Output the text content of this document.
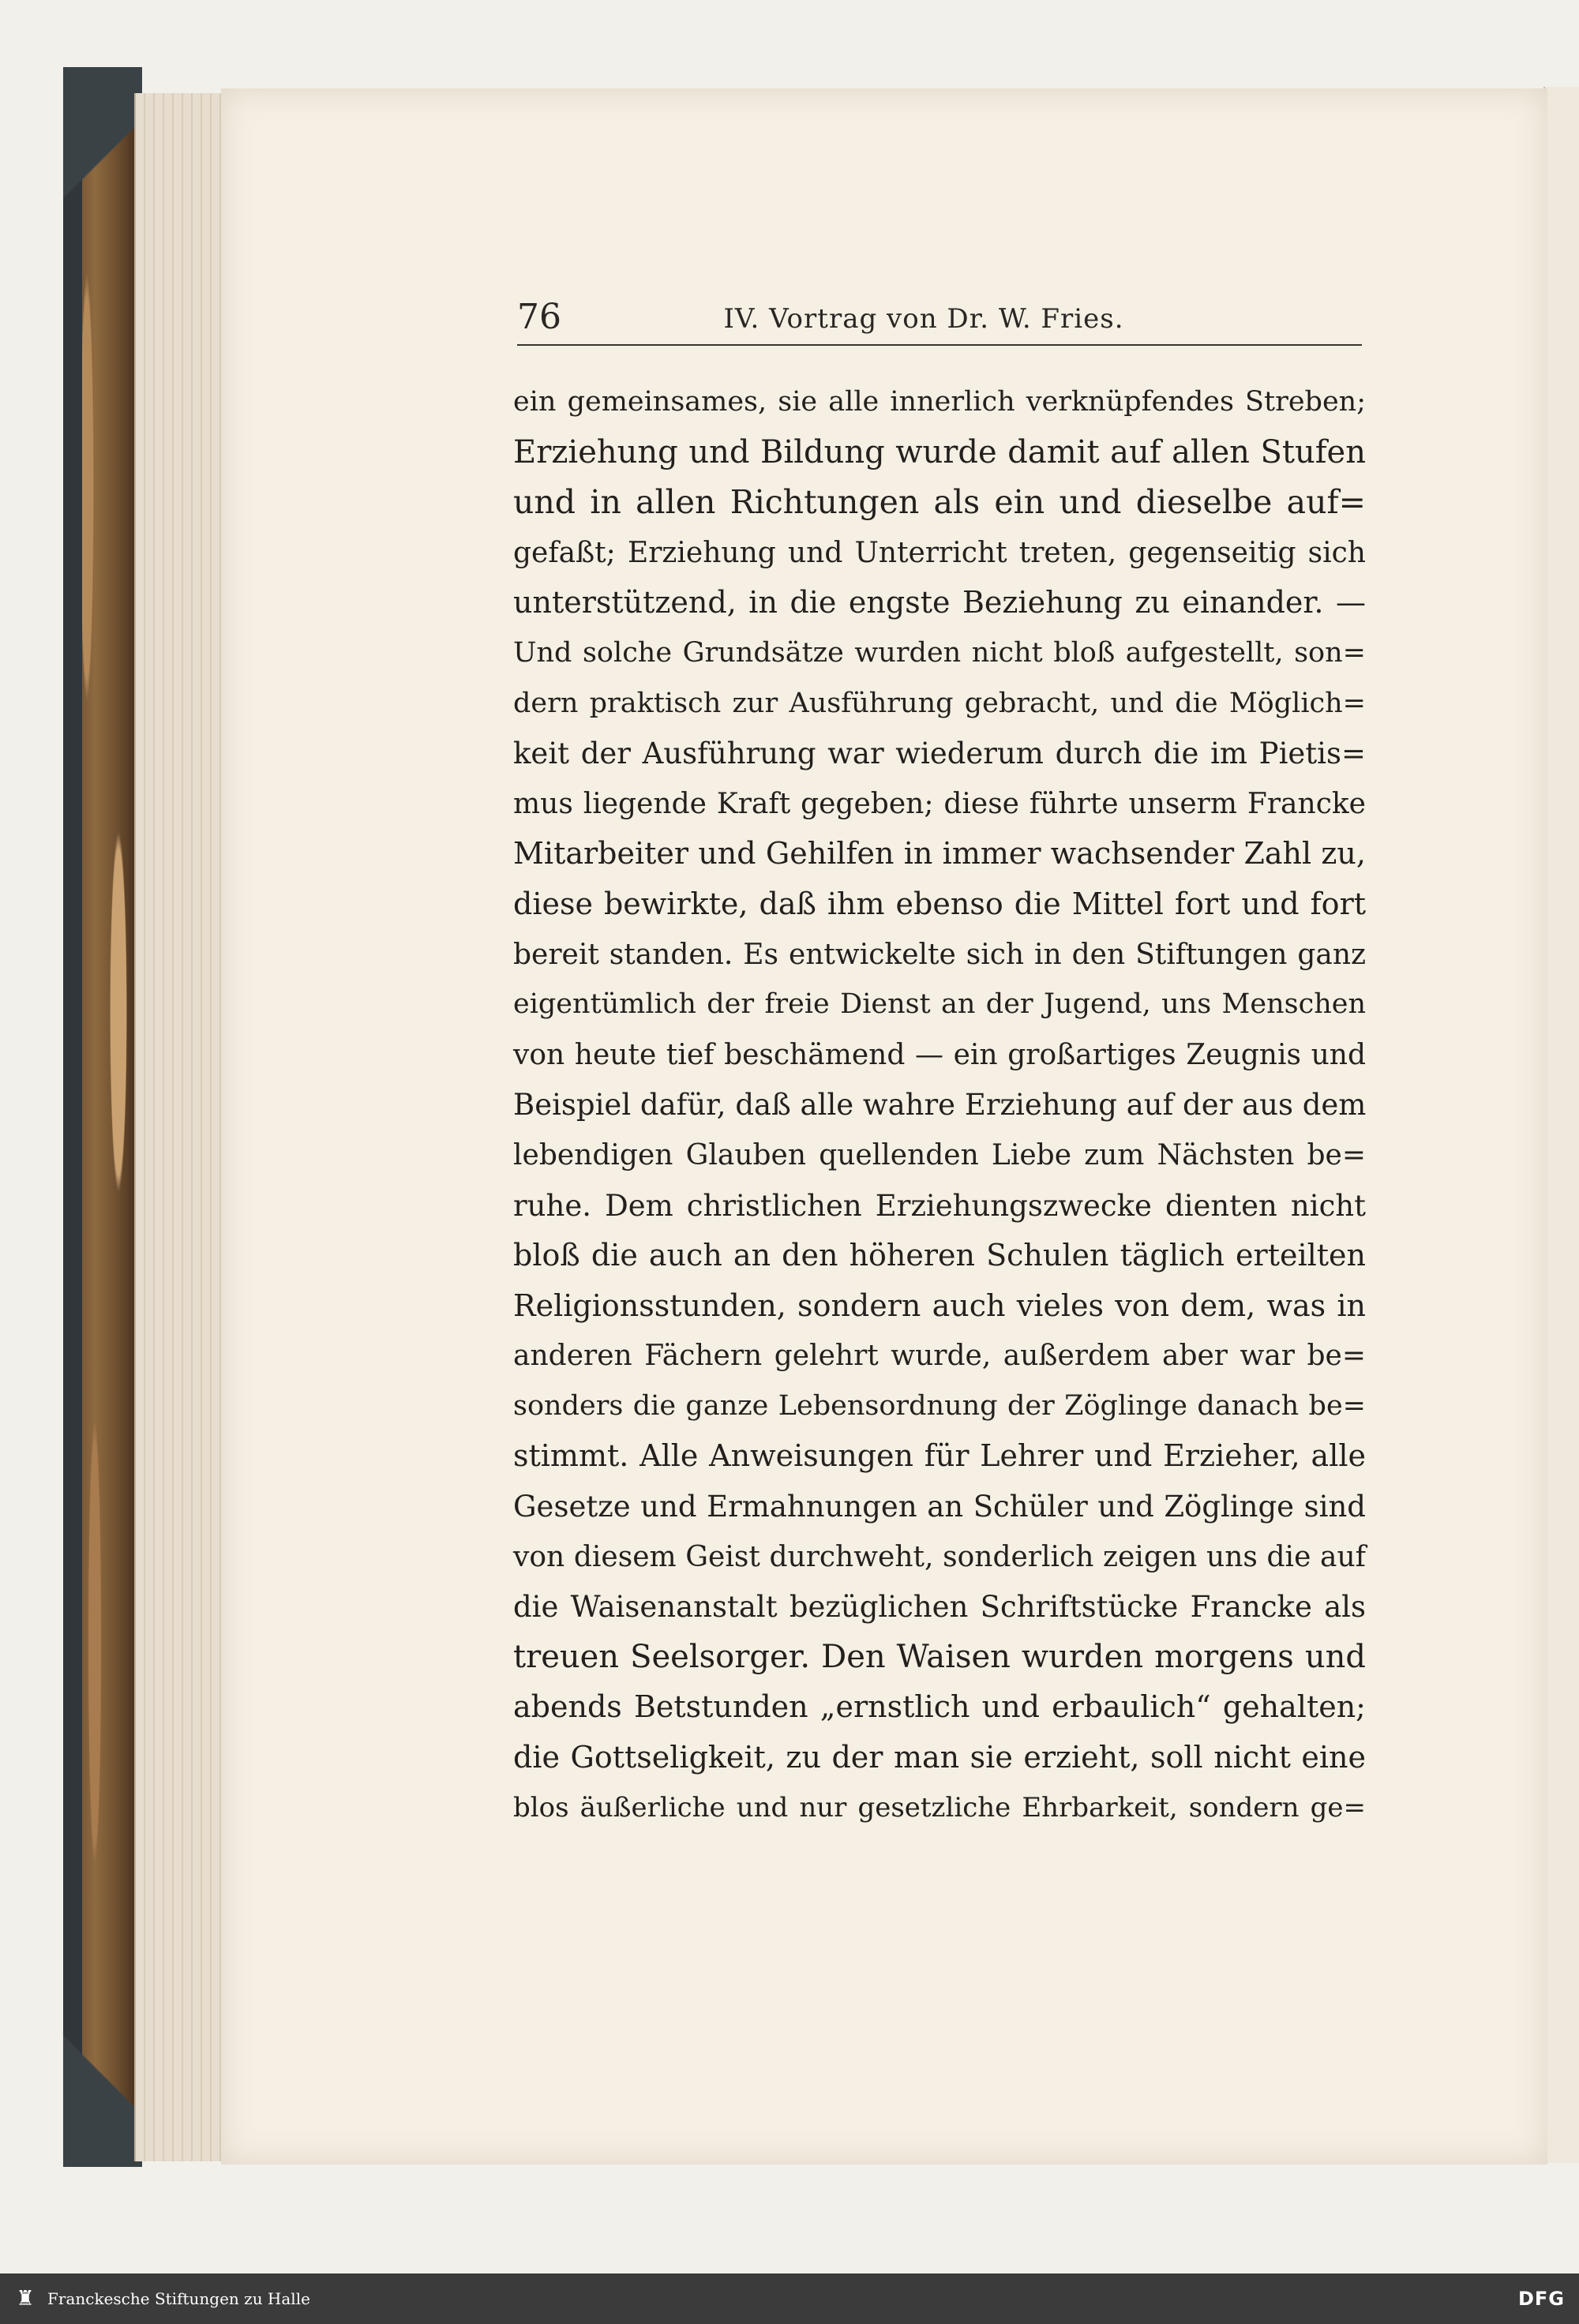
76	IV. Vortrag von Dr. W. Fries.
ein gemeinsames, sie alle innerlich verknüpfendes Streben;
Erziehung und Bildung wurde damit auf allen Stufen
und in allen Richtungen als ein und dieselbe auf=
gefaßt; Erziehung und Unterricht treten, gegenseitig sich
unterstützend, in die engste Beziehung zu einander. —
Und solche Grundsätze wurden nicht bloß aufgestellt, son=
dern praktisch zur Ausführung gebracht, und die Möglich=
keit der Ausführung war wiederum durch die im Pietis=
mus liegende Kraft gegeben; diese führte unserm Francke
Mitarbeiter und Gehilfen in immer wachsender Zahl zu,
diese bewirkte, daß ihm ebenso die Mittel fort und fort
bereit standen. Es entwickelte sich in den Stiftungen ganz
eigentümlich der freie Dienst an der Jugend, uns Menschen
von heute tief beschämend — ein großartiges Zeugnis und
Beispiel dafür, daß alle wahre Erziehung auf der aus dem
lebendigen Glauben quellenden Liebe zum Nächsten be=
ruhe. Dem christlichen Erziehungszwecke dienten nicht
bloß die auch an den höheren Schulen täglich erteilten
Religionsstunden, sondern auch vieles von dem, was in
anderen Fächern gelehrt wurde, außerdem aber war be=
sonders die ganze Lebensordnung der Zöglinge danach be=
stimmt. Alle Anweisungen für Lehrer und Erzieher, alle
Gesetze und Ermahnungen an Schüler und Zöglinge sind
von diesem Geist durchweht, sonderlich zeigen uns die auf
die Waisenanstalt bezüglichen Schriftstücke Francke als
treuen Seelsorger. Den Waisen wurden morgens und
abends Betstunden „ernstlich und erbaulich“ gehalten;
die Gottseligkeit, zu der man sie erzieht, soll nicht eine
blos äußerliche und nur gesetzliche Ehrbarkeit, sondern ge=
♜ Franckesche Stiftungen zu Halle	DFG
